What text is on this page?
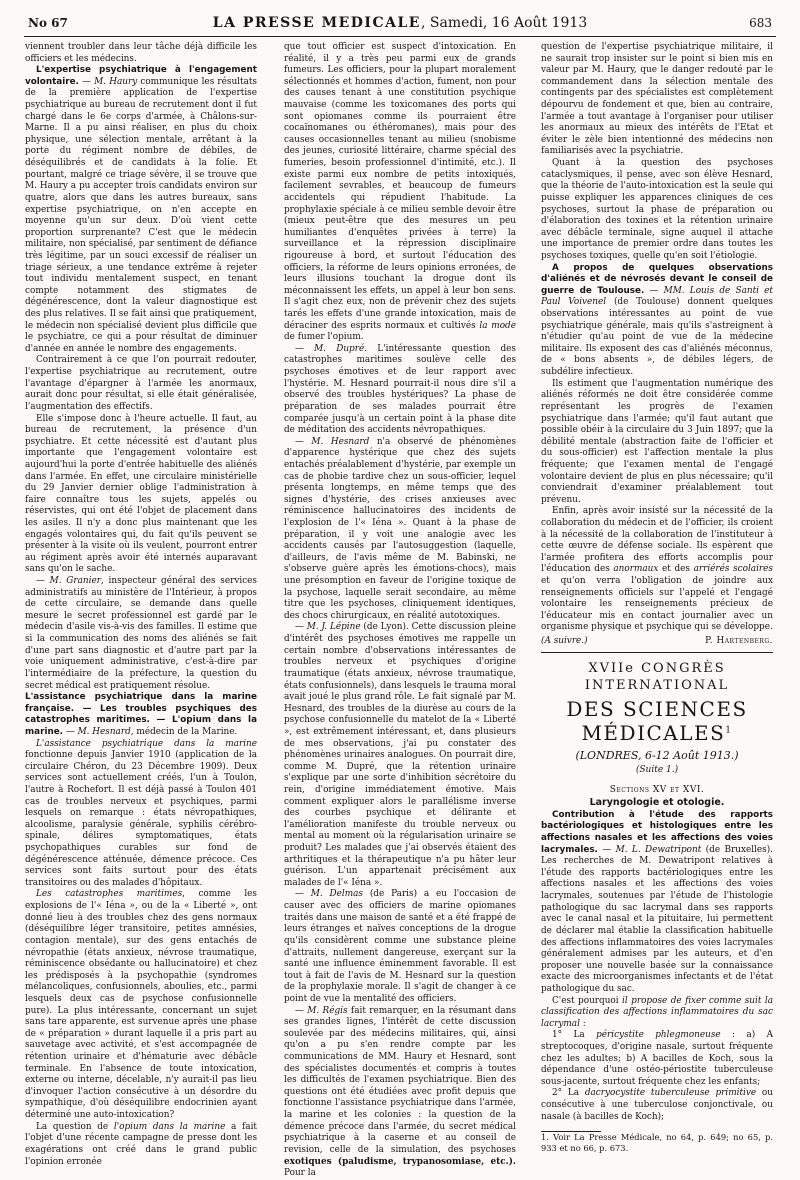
No 67	LA PRESSE MEDICALE, Samedi, 16 Août 1913	683

viennent troubler dans leur tâche déjà difficile les officiers et les médecins.

L'expertise psychiatrique à l'engagement volontaire. — M. Haury communique les résultats de la première application de l'expertise psychiatrique au bureau de recrutement dont il fut chargé dans le 6e corps d'armée, à Châlons-sur-Marne. Il a pu ainsi réaliser, en plus du choix physique, une sélection mentale, arrêtant à la porte du régiment nombre de débiles, de déséquilibrés et de candidats à la folie. Et pourtant, malgré ce triage sévère, il se trouve que M. Haury a pu accepter trois candidats environ sur quatre, alors que dans les autres bureaux, sans expertise psychiatrique, on n'en accepte en moyenne qu'un sur deux. D'où vient cette proportion surprenante? C'est que le médecin militaire, non spécialisé, par sentiment de défiance très légitime, par un souci excessif de réaliser un triage sérieux, a une tendance extrême à rejeter tout individu mentalement suspect, en tenant compte notamment des stigmates de dégénérescence, dont la valeur diagnostique est des plus relatives. Il se fait ainsi que pratiquement, le médecin non spécialisé devient plus difficile que le psychiatre, ce qui a pour résultat de diminuer d'année en année le nombre des engagements.

Contrairement à ce que l'on pourrait redouter, l'expertise psychiatrique au recrutement, outre l'avantage d'épargner à l'armée les anormaux, aurait donc pour résultat, si elle était généralisée, l'augmentation des effectifs.

Elle s'impose donc à l'heure actuelle. Il faut, au bureau de recrutement, la présence d'un psychiatre. Et cette nécessité est d'autant plus importante que l'engagement volontaire est aujourd'hui la porte d'entrée habituelle des aliénés dans l'armée. En effet, une circulaire ministérielle du 29 Janvier dernier oblige l'administration à faire connaître tous les sujets, appelés ou réservistes, qui ont été l'objet de placement dans les asiles. Il n'y a donc plus maintenant que les engagés volontaires qui, du fait qu'ils peuvent se présenter à la visite où ils veulent, pourront entrer au régiment après avoir été internés auparavant sans qu'on le sache.

— M. Granier, inspecteur général des services administratifs au ministère de l'Intérieur, à propos de cette circulaire, se demande dans quelle mesure le secret professionnel est gardé par le médecin d'asile vis-à-vis des familles. Il estime que si la communication des noms des aliénés se fait d'une part sans diagnostic et d'autre part par la voie uniquement administrative, c'est-à-dire par l'intermédiaire de la préfecture, la question du secret médical est pratiquement résolue.

L'assistance psychiatrique dans la marine française. — Les troubles psychiques des catastrophes maritimes. — L'opium dans la marine. — M. Hesnard, médecin de la Marine.

L'assistance psychiatrique dans la marine fonctionne depuis Janvier 1910 (application de la circulaire Chéron, du 23 Décembre 1909). Deux services sont actuellement créés, l'un à Toulon, l'autre à Rochefort. Il est déjà passé à Toulon 401 cas de troubles nerveux et psychiques, parmi lesquels on remarque : états névropathiques, alcoolisme, paralysie générale, syphilis cérébro-spinale, délires symptomatiques, états psychopathiques curables sur fond de dégénérescence atténuée, démence précoce. Ces services sont faits surtout pour des états transitoires ou des malades d'hôpitaux.

Les catastrophes maritimes, comme les explosions de l'« Iéna », ou de la « Liberté », ont donné lieu à des troubles chez des gens normaux (déséquilibre léger transitoire, petites amnésies, contagion mentale), sur des gens entachés de névropathie (états anxieux, névrose traumatique, réminiscence obsédante ou hallucinatoire) et chez les prédisposés à la psychopathie (syndromes mélancoliques, confusionnels, aboulies, etc., parmi lesquels deux cas de psychose confusionnelle pure). La plus intéressante, concernant un sujet sans tare apparente, est survenue après une phase de « préparation » durant laquelle il a pris part au sauvetage avec activité, et s'est accompagnée de rétention urinaire et d'hématurie avec débâcle terminale. En l'absence de toute intoxication, externe ou interne, décelable, n'y aurait-il pas lieu d'invoquer l'action consécutive à un désordre du sympathique, d'où déséquilibre endocrinien ayant déterminé une auto-intoxication?

La question de l'opium dans la marine a fait l'objet d'une récente campagne de presse dont les exagérations ont créé dans le grand public l'opinion erronée

que tout officier est suspect d'intoxication. En réalité, il y a très peu parmi eux de grands fumeurs. Les officiers, pour la plupart moralement sélectionnés et hommes d'action, fument, non pour des causes tenant à une constitution psychique mauvaise (comme les toxicomanes des ports qui sont opiomanes comme ils pourraient être cocaïnomanes ou éthéromanes), mais pour des causes occasionnelles tenant au milieu (snobisme des jeunes, curiosité littéraire, charme spécial des fumeries, besoin professionnel d'intimité, etc.). Il existe parmi eux nombre de petits intoxiqués, facilement sevrables, et beaucoup de fumeurs accidentels qui répudient l'habitude. La prophylaxie spéciale à ce milieu semble devoir être (mieux peut-être que des mesures un peu humiliantes d'enquêtes privées à terre) la surveillance et la répression disciplinaire rigoureuse à bord, et surtout l'éducation des officiers, la réforme de leurs opinions erronées, de leurs illusions touchant la drogue dont ils méconnaissent les effets, un appel à leur bon sens. Il s'agit chez eux, non de prévenir chez des sujets tarés les effets d'une grande intoxication, mais de déraciner des esprits normaux et cultivés la mode de fumer l'opium.

— M. Dupré. L'intéressante question des catastrophes maritimes soulève celle des psychoses émotives et de leur rapport avec l'hystérie. M. Hesnard pourrait-il nous dire s'il a observé des troubles hystériques? La phase de préparation de ses malades pourrait être comparée jusqu'à un certain point à la phase dite de méditation des accidents névropathiques.

— M. Hesnard n'a observé de phénomènes d'apparence hystérique que chez des sujets entachés préalablement d'hystérie, par exemple un cas de phobie tardive chez un sous-officier, lequel présenta longtemps, en même temps que des signes d'hystérie, des crises anxieuses avec réminiscence hallucinatoires des incidents de l'explosion de l'« Iéna ». Quant à la phase de préparation, il y voit une analogie avec les accidents causés par l'autosuggestion (laquelle, d'ailleurs, de l'avis même de M. Babinski, ne s'observe guère après les émotions-chocs), mais une présomption en faveur de l'origine toxique de la psychose, laquelle serait secondaire, au même titre que les psychoses, cliniquement identiques, des chocs chirurgicaux, en réalité autotoxiques.

— M. J. Lépine (de Lyon). Cette discussion pleine d'intérêt des psychoses émotives me rappelle un certain nombre d'observations intéressantes de troubles nerveux et psychiques d'origine traumatique (états anxieux, névrose traumatique, états confusionnels), dans lesquels le trauma moral avait joué le plus grand rôle. Le fait signalé par M. Hesnard, des troubles de la diurèse au cours de la psychose confusionnelle du matelot de la « Liberté », est extrêmement intéressant, et, dans plusieurs de mes observations, j'ai pu constater des phénomènes urinaires analogues. On pourrait dire, comme M. Dupré, que la rétention urinaire s'explique par une sorte d'inhibition sécrétoire du rein, d'origine immédiatement émotive. Mais comment expliquer alors le parallélisme inverse des courbes psychique et délirante et l'amélioration manifeste du trouble nerveux ou mental au moment où la régularisation urinaire se produit? Les malades que j'ai observés étaient des arthritiques et la thérapeutique n'a pu hâter leur guérison. L'un appartenait précisément aux malades de l'« Iéna ».

— M. Delmas (de Paris) a eu l'occasion de causer avec des officiers de marine opiomanes traités dans une maison de santé et a été frappé de leurs étranges et naïves conceptions de la drogue qu'ils considèrent comme une substance pleine d'attraits, nullement dangereuse, exerçant sur la santé une influence éminemment favorable. Il est tout à fait de l'avis de M. Hesnard sur la question de la prophylaxie morale. Il s'agit de changer à ce point de vue la mentalité des officiers.

— M. Régis fait remarquer, en la résumant dans ses grandes lignes, l'intérêt de cette discussion soulevée par des médecins militaires, qui, ainsi qu'on a pu s'en rendre compte par les communications de MM. Haury et Hesnard, sont des spécialistes documentés et compris à toutes les difficultés de l'examen psychiatrique. Bien des questions ont été étudiées avec profit depuis que fonctionne l'assistance psychiatrique dans l'armée, la marine et les colonies : la question de la démence précoce dans l'armée, du secret médical psychiatrique à la caserne et au conseil de revision, celle de la simulation, des psychoses exotiques (paludisme, trypanosomiase, etc.). Pour la

question de l'expertise psychiatrique militaire, il ne saurait trop insister sur le point si bien mis en valeur par M. Haury, que le danger redouté par le commandement dans la sélection mentale des contingents par des spécialistes est complètement dépourvu de fondement et que, bien au contraire, l'armée a tout avantage à l'organiser pour utiliser les anormaux au mieux des intérêts de l'Etat et éviter le zèle bien intentionné des médecins non familiarisés avec la psychiatrie.

Quant à la question des psychoses cataclysmiques, il pense, avec son élève Hesnard, que la théorie de l'auto-intoxication est la seule qui puisse expliquer les apparences cliniques de ces psychoses, surtout la phase de préparation ou d'élaboration des toxines et la rétention urinaire avec débâcle terminale, signe auquel il attache une importance de premier ordre dans toutes les psychoses toxiques, quelle qu'en soit l'étiologie.

A propos de quelques observations d'aliénés et de névrosés devant le conseil de guerre de Toulouse. — MM. Louis de Santi et Paul Voivenel (de Toulouse) donnent quelques observations intéressantes au point de vue psychiatrique générale, mais qu'ils s'astreignent à n'étudier qu'au point de vue de la médecine militaire. Ils exposent des cas d'aliénés méconnus, de « bons absents », de débiles légers, de subdélire infectieux.

Ils estiment que l'augmentation numérique des aliénés réformés ne doit être considérée comme représentant les progrès de l'examen psychiatrique dans l'armée; qu'il faut autant que possible obéir à la circulaire du 3 Juin 1897; que la débilité mentale (abstraction faite de l'officier et du sous-officier) est l'affection mentale la plus fréquente; que l'examen mental de l'engagé volontaire devient de plus en plus nécessaire; qu'il conviendrait d'examiner préalablement tout prévenu.

Enfin, après avoir insisté sur la nécessité de la collaboration du médecin et de l'officier, ils croient à la nécessité de la collaboration de l'instituteur à cette œuvre de défense sociale. Ils espèrent que l'armée profitera des efforts accomplis pour l'éducation des anormaux et des arriérés scolaires et qu'on verra l'obligation de joindre aux renseignements officiels sur l'appelé et l'engagé volontaire les renseignements précieux de l'éducateur mis en contact journalier avec un organisme physique et psychique qui se développe.

(A suivre.)	P. Hartenberg.
XVIIe CONGRÈS INTERNATIONAL
DES SCIENCES MÉDICALES$^1$
(LONDRES, 6-12 Août 1913.)
(Suite 1.)
Sections XV et XVI.
Laryngologie et otologie.

Contribution à l'étude des rapports bactériologiques et histologiques entre les affections nasales et les affections des voies lacrymales. — M. L. Dewatripont (de Bruxelles). Les recherches de M. Dewatripont relatives à l'étude des rapports bactériologiques entre les affections nasales et les affections des voies lacrymales, soutenues par l'étude de l'histologie pathologique du sac lacrymal dans ses rapports avec le canal nasal et la pituitaire, lui permettent de déclarer mal établie la classification habituelle des affections inflammatoires des voies lacrymales généralement admises par les auteurs, et d'en proposer une nouvelle basée sur la connaissance exacte des microorganismes infectants et de l'état pathologique du sac.

C'est pourquoi il propose de fixer comme suit la classification des affections inflammatoires du sac lacrymal :

1° La péricystite phlegmoneuse : a) A streptocoques, d'origine nasale, surtout fréquente chez les adultes; b) A bacilles de Koch, sous la dépendance d'une ostéo-périostite tuberculeuse sous-jacente, surtout fréquente chez les enfants;

2° La dacryocystite tuberculeuse primitive ou consécutive à une tuberculose conjonctivale, ou nasale (à bacilles de Koch);

1. Voir La Presse Médicale, no 64, p. 649; no 65, p. 933 et no 66, p. 673.
